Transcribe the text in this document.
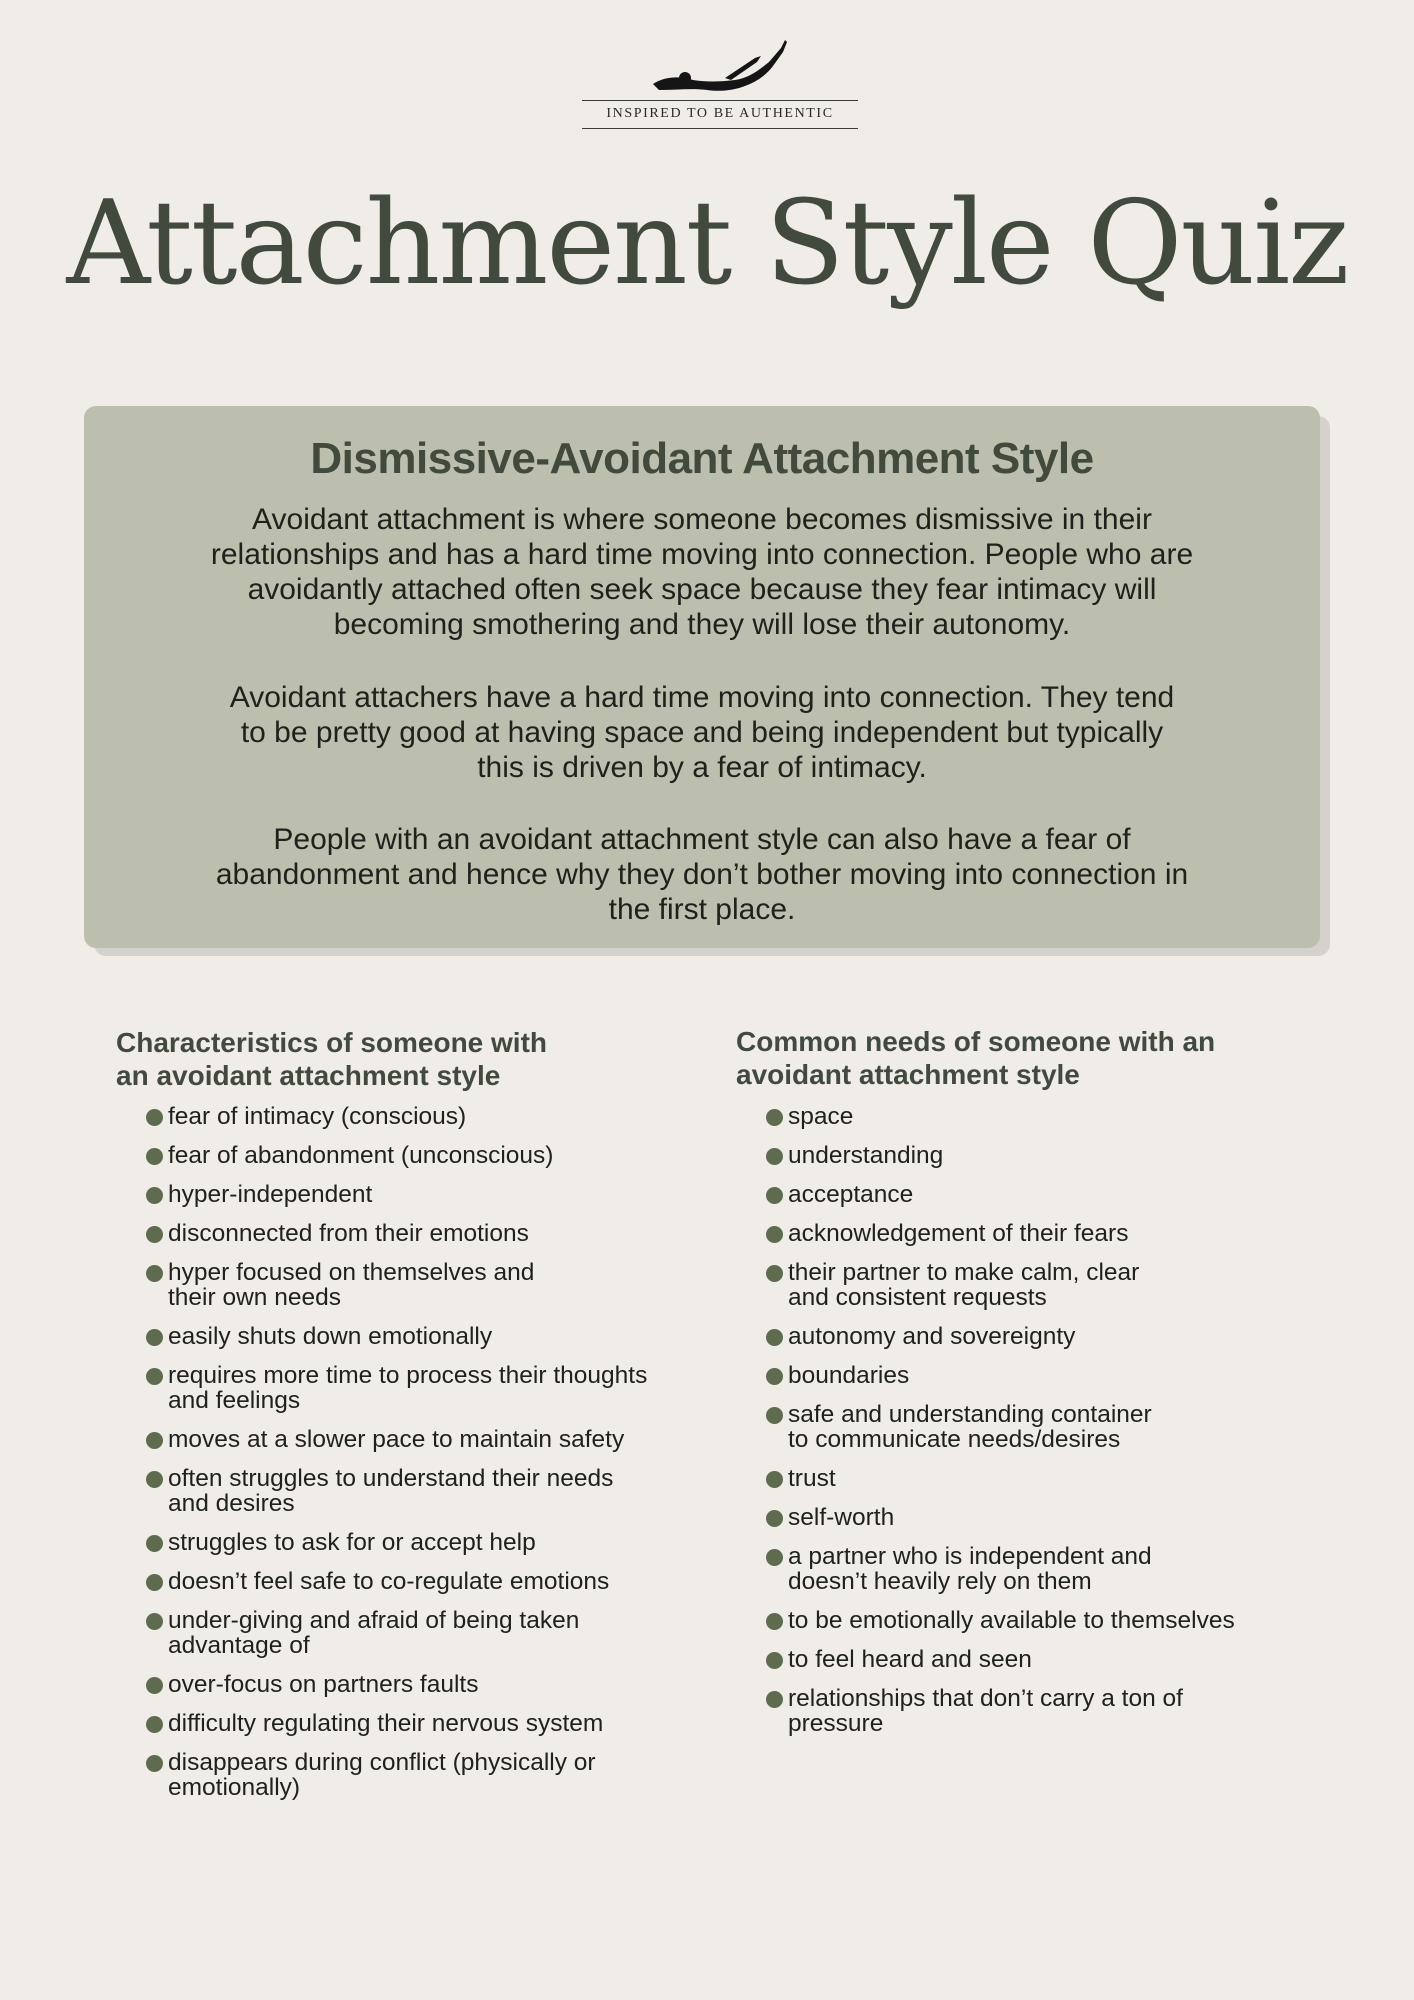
INSPIRED TO BE AUTHENTIC
Attachment Style Quiz
Dismissive-Avoidant Attachment Style

Avoidant attachment is where someone becomes dismissive in their
relationships and has a hard time moving into connection. People who are
avoidantly attached often seek space because they fear intimacy will
becoming smothering and they will lose their autonomy.

Avoidant attachers have a hard time moving into connection. They tend
to be pretty good at having space and being independent but typically
this is driven by a fear of intimacy.

People with an avoidant attachment style can also have a fear of
abandonment and hence why they don’t bother moving into connection in
the first place.

Characteristics of someone with
an avoidant attachment style
fear of intimacy (conscious)
fear of abandonment (unconscious)
hyper-independent
disconnected from their emotions
hyper focused on themselves and
their own needs
easily shuts down emotionally
requires more time to process their thoughts
and feelings
moves at a slower pace to maintain safety
often struggles to understand their needs
and desires
struggles to ask for or accept help
doesn’t feel safe to co-regulate emotions
under-giving and afraid of being taken
advantage of
over-focus on partners faults
difficulty regulating their nervous system
disappears during conflict (physically or
emotionally)
Common needs of someone with an
avoidant attachment style
space
understanding
acceptance
acknowledgement of their fears
their partner to make calm, clear
and consistent requests
autonomy and sovereignty
boundaries
safe and understanding container
to communicate needs/desires
trust
self-worth
a partner who is independent and
doesn’t heavily rely on them
to be emotionally available to themselves
to feel heard and seen
relationships that don’t carry a ton of
pressure
